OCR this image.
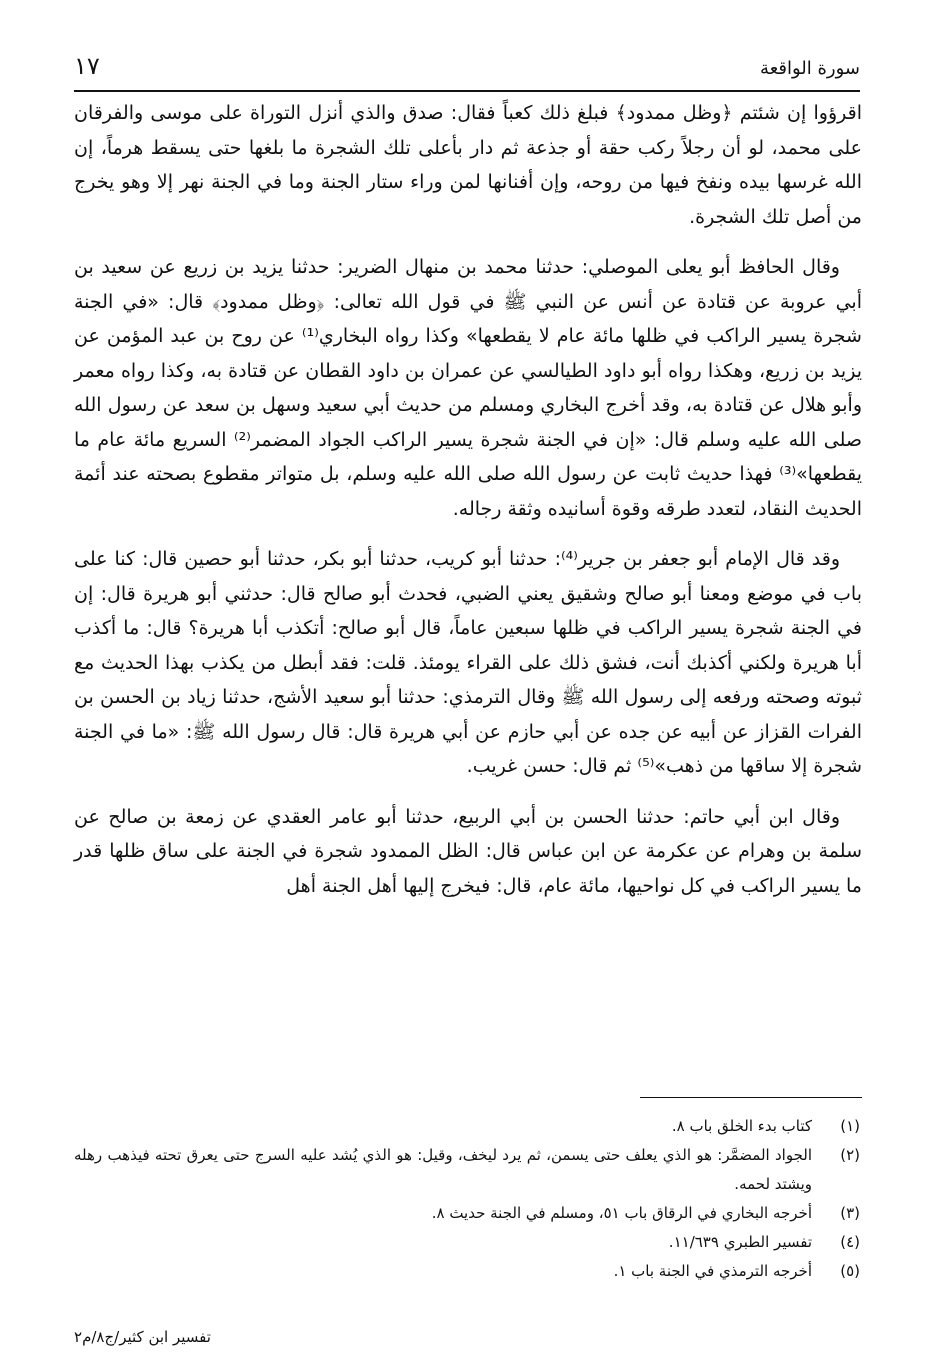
سورة الواقعة
١٧

اقرؤوا إن شئتم ﴿وظل ممدود﴾ فبلغ ذلك كعباً فقال: صدق والذي أنزل التوراة على موسى والفرقان على محمد، لو أن رجلاً ركب حقة أو جذعة ثم دار بأعلى تلك الشجرة ما بلغها حتى يسقط هرماً، إن الله غرسها بيده ونفخ فيها من روحه، وإن أفنانها لمن وراء ستار الجنة وما في الجنة نهر إلا وهو يخرج من أصل تلك الشجرة.

وقال الحافظ أبو يعلى الموصلي: حدثنا محمد بن منهال الضرير: حدثنا يزيد بن زريع عن سعيد بن أبي عروبة عن قتادة عن أنس عن النبي ﷺ في قول الله تعالى: ﴿وظل ممدود﴾ قال: «في الجنة شجرة يسير الراكب في ظلها مائة عام لا يقطعها» وكذا رواه البخاري⁽¹⁾ عن روح بن عبد المؤمن عن يزيد بن زريع، وهكذا رواه أبو داود الطيالسي عن عمران بن داود القطان عن قتادة به، وكذا رواه معمر وأبو هلال عن قتادة به، وقد أخرج البخاري ومسلم من حديث أبي سعيد وسهل بن سعد عن رسول الله صلى الله عليه وسلم قال: «إن في الجنة شجرة يسير الراكب الجواد المضمر⁽²⁾ السريع مائة عام ما يقطعها»⁽³⁾ فهذا حديث ثابت عن رسول الله صلى الله عليه وسلم، بل متواتر مقطوع بصحته عند أئمة الحديث النقاد، لتعدد طرقه وقوة أسانيده وثقة رجاله.

وقد قال الإمام أبو جعفر بن جرير⁽⁴⁾: حدثنا أبو كريب، حدثنا أبو بكر، حدثنا أبو حصين قال: كنا على باب في موضع ومعنا أبو صالح وشقيق يعني الضبي، فحدث أبو صالح قال: حدثني أبو هريرة قال: إن في الجنة شجرة يسير الراكب في ظلها سبعين عاماً، قال أبو صالح: أتكذب أبا هريرة؟ قال: ما أكذب أبا هريرة ولكني أكذبك أنت، فشق ذلك على القراء يومئذ. قلت: فقد أبطل من يكذب بهذا الحديث مع ثبوته وصحته ورفعه إلى رسول الله ﷺ وقال الترمذي: حدثنا أبو سعيد الأشج، حدثنا زياد بن الحسن بن الفرات القزاز عن أبيه عن جده عن أبي حازم عن أبي هريرة قال: قال رسول الله ﷺ: «ما في الجنة شجرة إلا ساقها من ذهب»⁽⁵⁾ ثم قال: حسن غريب.

وقال ابن أبي حاتم: حدثنا الحسن بن أبي الربيع، حدثنا أبو عامر العقدي عن زمعة بن صالح عن سلمة بن وهرام عن عكرمة عن ابن عباس قال: الظل الممدود شجرة في الجنة على ساق ظلها قدر ما يسير الراكب في كل نواحيها، مائة عام، قال: فيخرج إليها أهل الجنة أهل

(١)
كتاب بدء الخلق باب ٨.
(٢)
الجواد المضمَّر: هو الذي يعلف حتى يسمن، ثم يرد ليخف، وقيل: هو الذي يُشد عليه السرج حتى يعرق تحته فيذهب رهله ويشتد لحمه.
(٣)
أخرجه البخاري في الرقاق باب ٥١، ومسلم في الجنة حديث ٨.
(٤)
تفسير الطبري ١١/٦٣٩.
(٥)
أخرجه الترمذي في الجنة باب ١.
تفسير ابن كثير/ج٨/م٢
